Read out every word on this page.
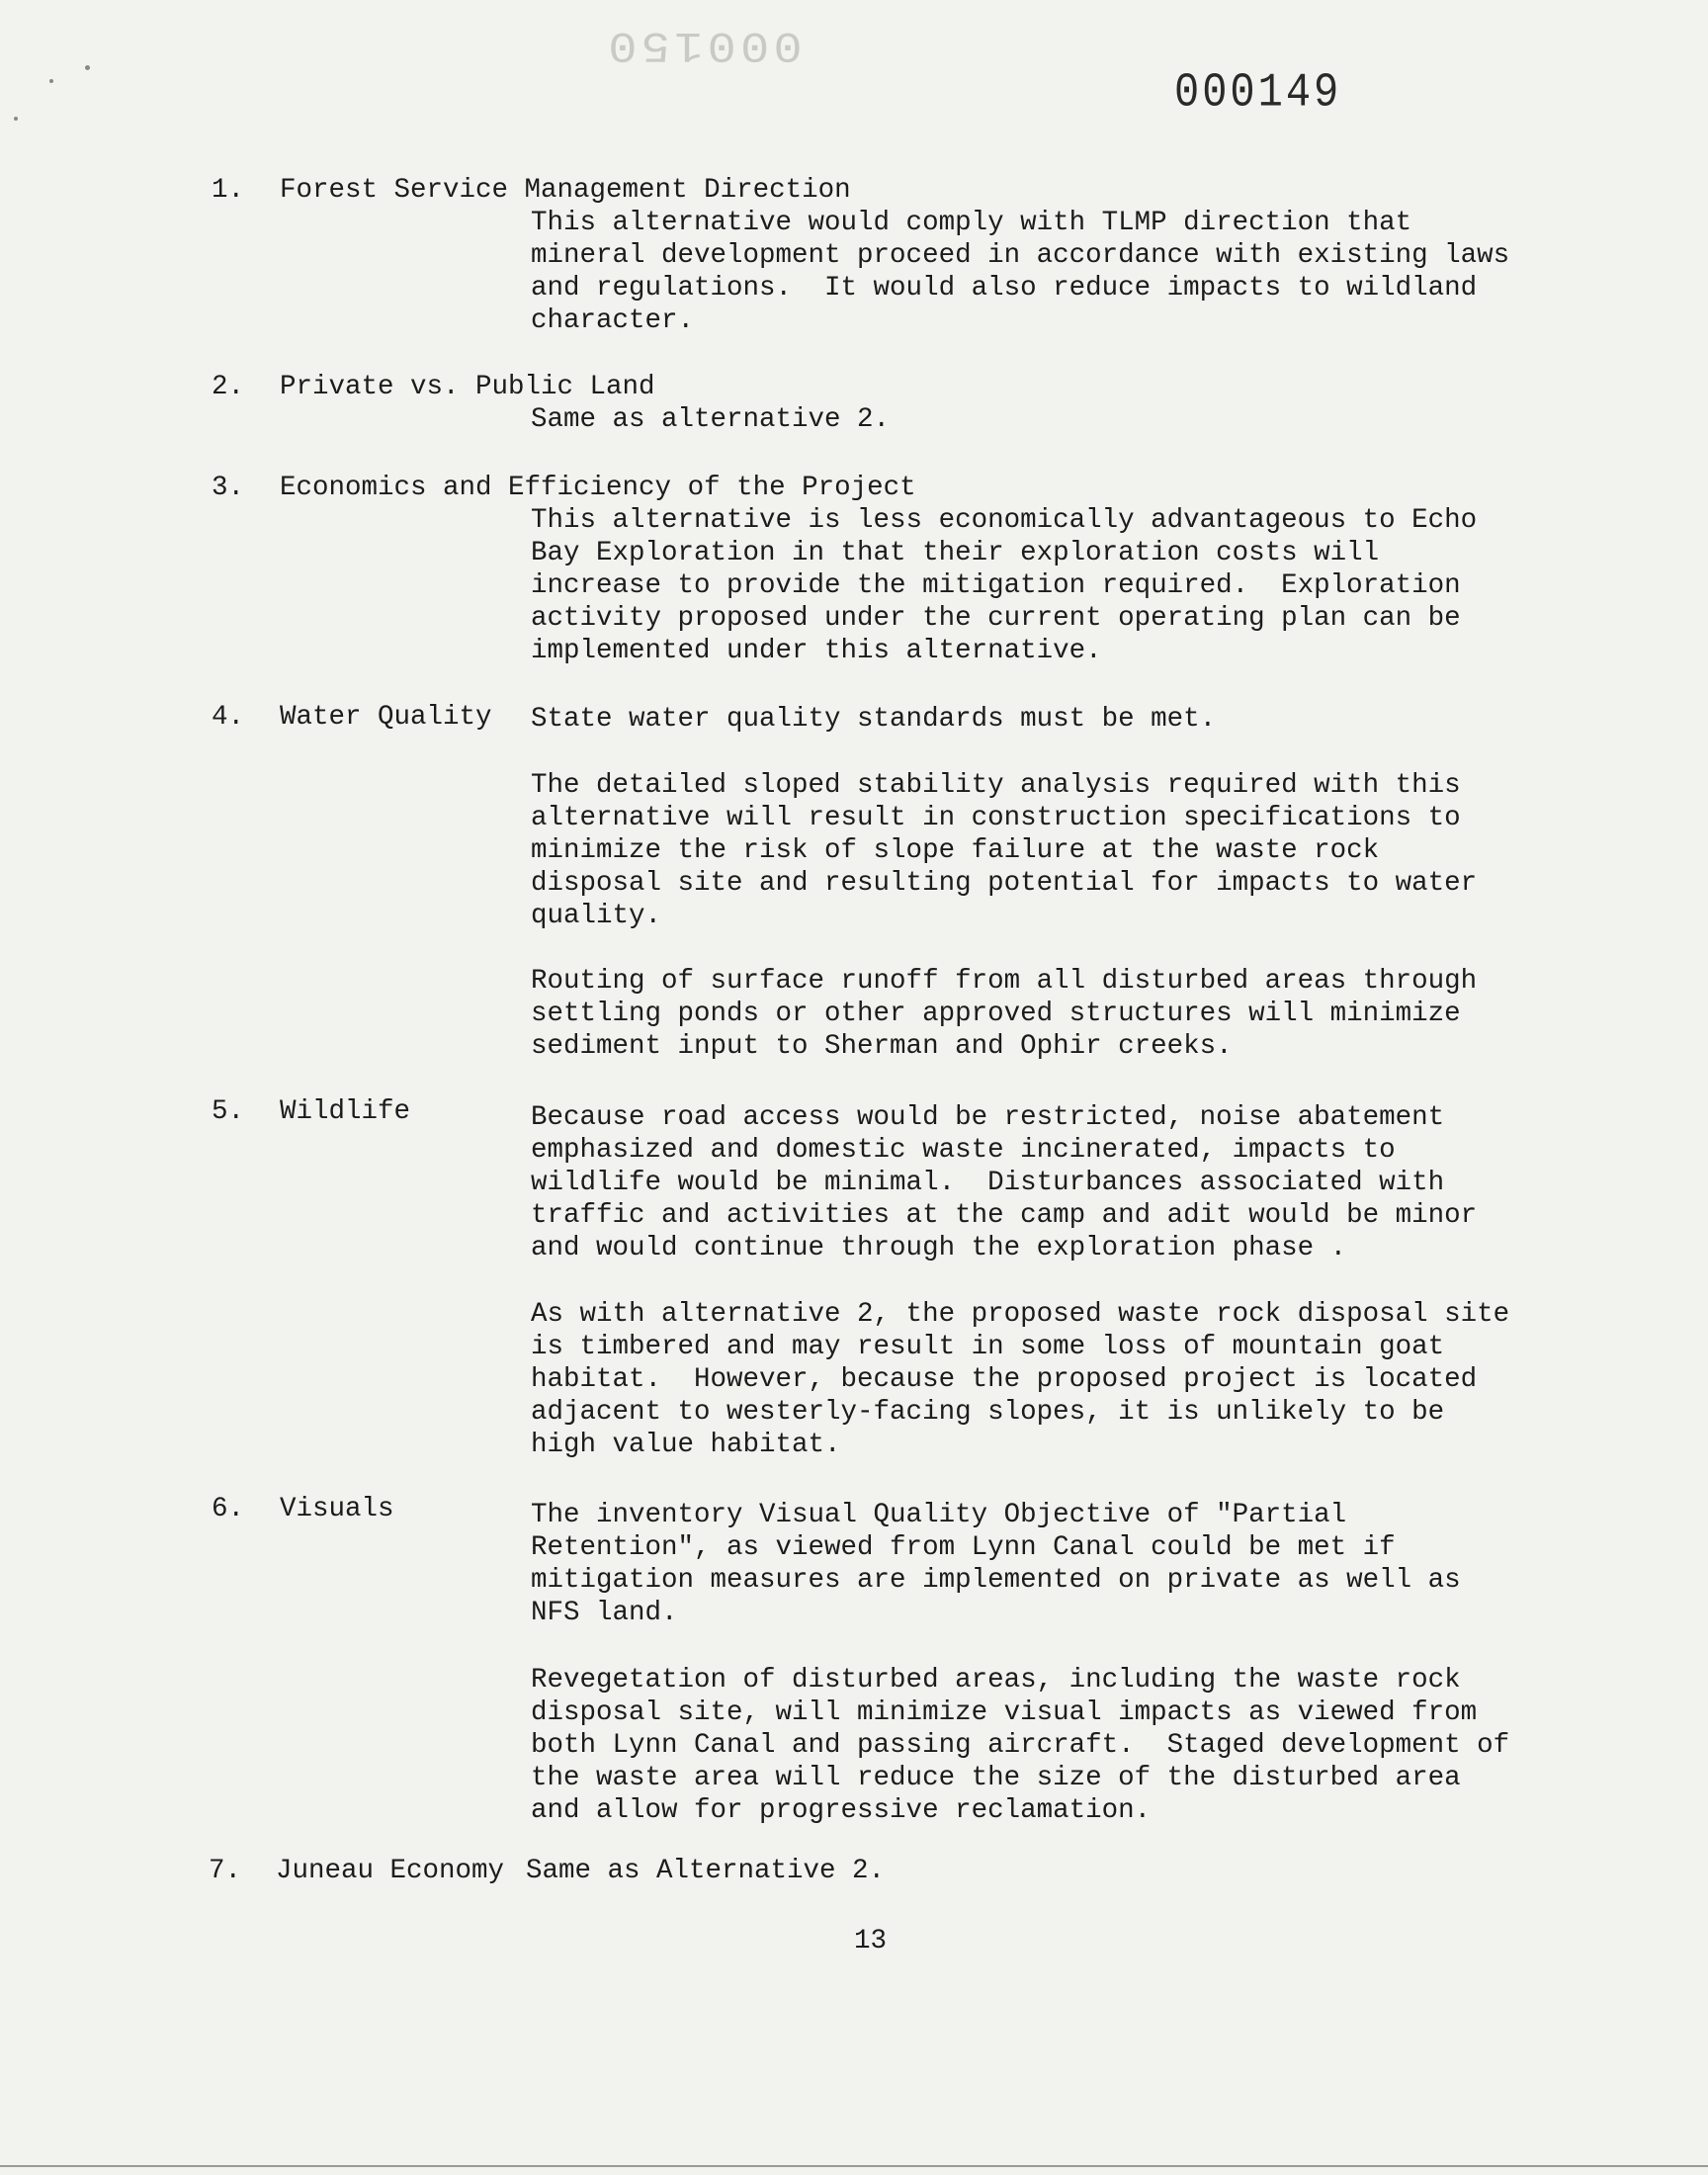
000150
000149
1. Forest Service Management Direction
This alternative would comply with TLMP direction that
mineral development proceed in accordance with existing laws
and regulations.  It would also reduce impacts to wildland
character.
2. Private vs. Public Land
Same as alternative 2.
3. Economics and Efficiency of the Project
This alternative is less economically advantageous to Echo
Bay Exploration in that their exploration costs will
increase to provide the mitigation required.  Exploration
activity proposed under the current operating plan can be
implemented under this alternative.
4. Water Quality State water quality standards must be met.
The detailed sloped stability analysis required with this
alternative will result in construction specifications to
minimize the risk of slope failure at the waste rock
disposal site and resulting potential for impacts to water
quality.
Routing of surface runoff from all disturbed areas through
settling ponds or other approved structures will minimize
sediment input to Sherman and Ophir creeks.
5. Wildlife	Because road access would be restricted, noise abatement
emphasized and domestic waste incinerated, impacts to
wildlife would be minimal.  Disturbances associated with
traffic and activities at the camp and adit would be minor
and would continue through the exploration phase .
As with alternative 2, the proposed waste rock disposal site
is timbered and may result in some loss of mountain goat
habitat.  However, because the proposed project is located
adjacent to westerly-facing slopes, it is unlikely to be
high value habitat.
6. Visuals	The inventory Visual Quality Objective of "Partial
Retention", as viewed from Lynn Canal could be met if
mitigation measures are implemented on private as well as
NFS land.
Revegetation of disturbed areas, including the waste rock
disposal site, will minimize visual impacts as viewed from
both Lynn Canal and passing aircraft.  Staged development of
the waste area will reduce the size of the disturbed area
and allow for progressive reclamation.
7. Juneau Economy Same as Alternative 2.
13
